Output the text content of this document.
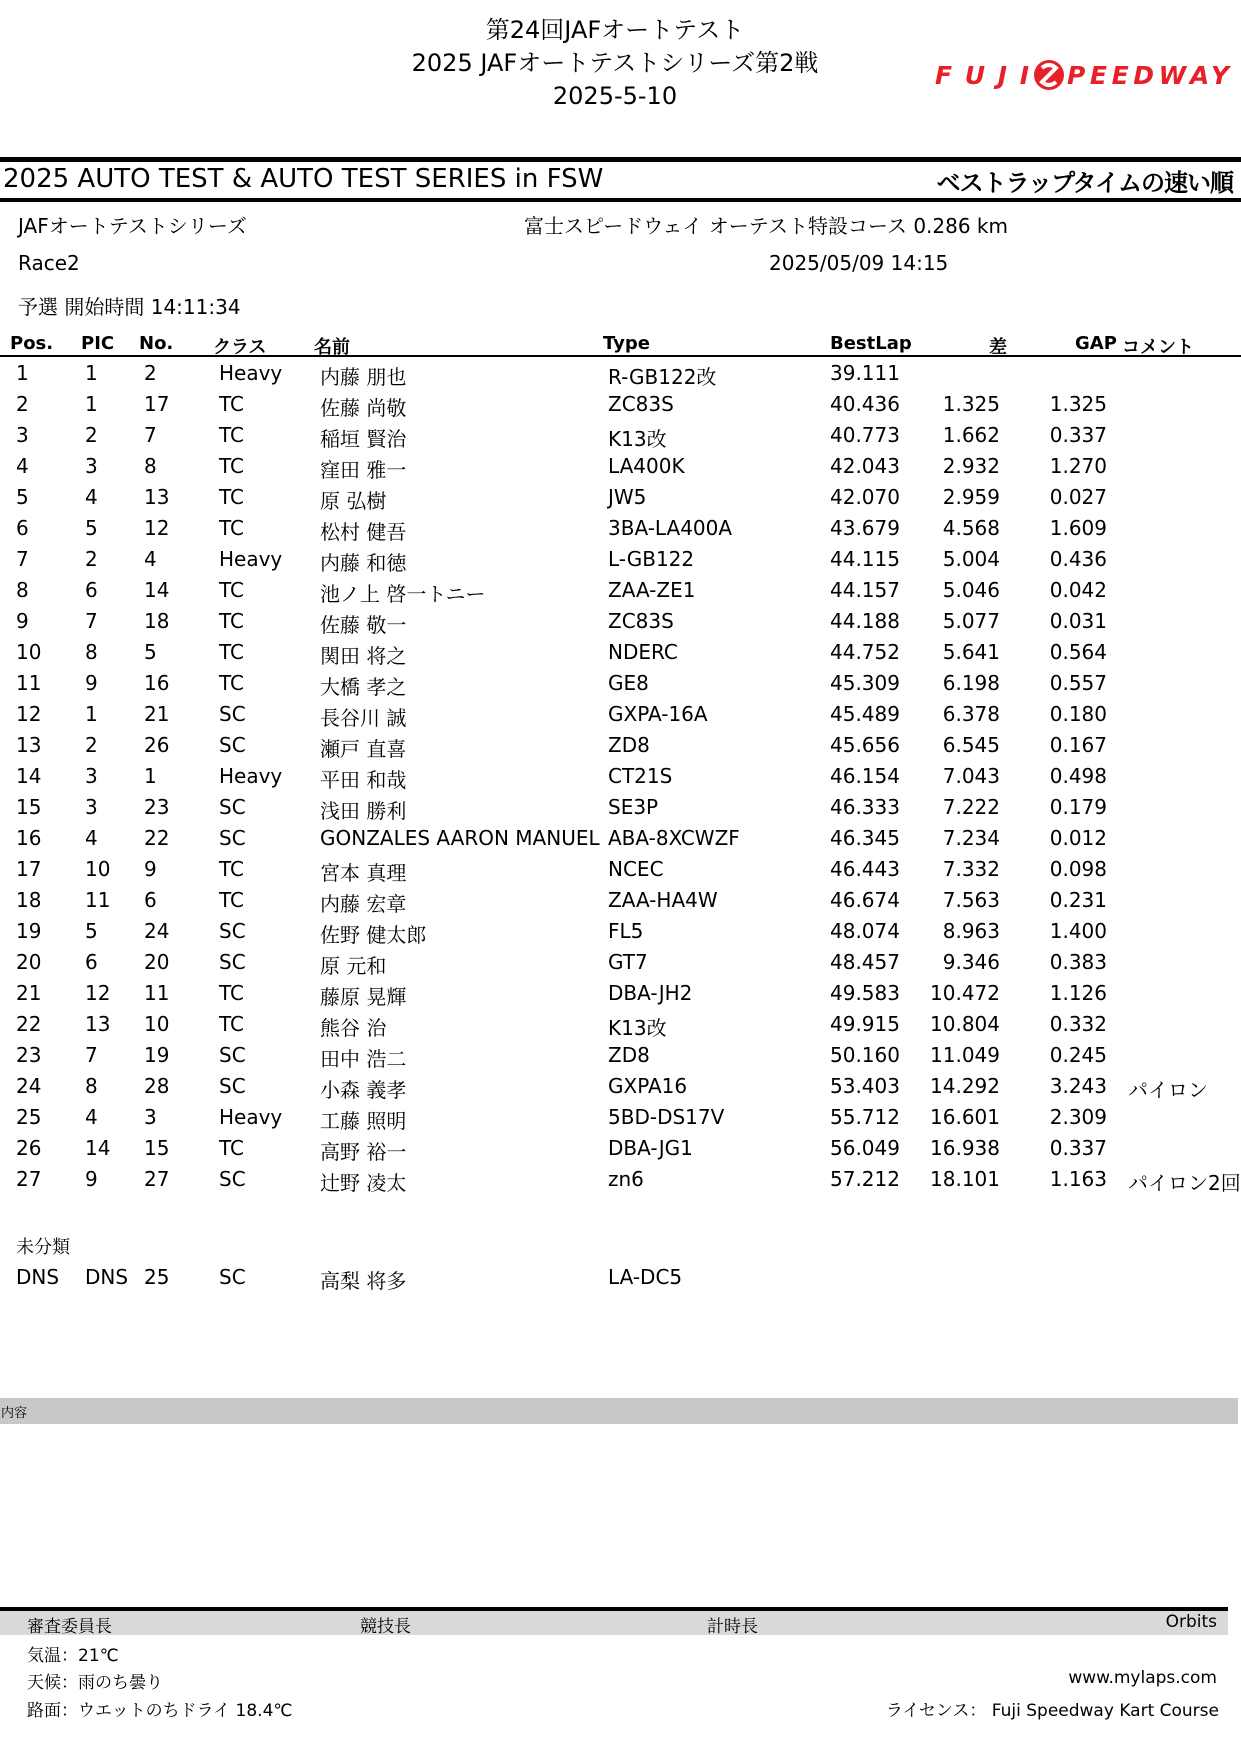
第24回JAFオートテスト
2025 JAFオートテストシリーズ第2戦
2025-5-10
FUJI PEEDWAY
2025 AUTO TEST & AUTO TEST SERIES in FSW	ベストラップタイムの速い順
JAFオートテストシリーズ	富士スピードウェイ オーテスト特設コース 0.286 km
Race2	2025/05/09 14:15
予選 開始時間 14:11:34
Pos. PIC No. クラス	名前	Type	BestLap	差	GAP コメント
1	1 2	Heavy 内藤 朋也	R-GB122改	39.111
2	1 17 TC	佐藤 尚敬	ZC83S	40.436 1.325 1.325
3	2 7	TC	稲垣 賢治	K13改	40.773 1.662 0.337
4	3 8	TC	窪田 雅一	LA400K	42.043 2.932 1.270
5	4 13 TC	原 弘樹	JW5	42.070 2.959 0.027
6	5 12 TC	松村 健吾	3BA-LA400A	43.679 4.568 1.609
7	2 4	Heavy 内藤 和徳	L-GB122	44.115 5.004 0.436
8	6 14 TC	池ノ上 啓一トニー	ZAA-ZE1	44.157 5.046 0.042
9	7 18 TC	佐藤 敬一	ZC83S	44.188 5.077 0.031
10 8 5	TC	関田 将之	NDERC	44.752 5.641 0.564
11 9 16 TC	大橋 孝之	GE8	45.309 6.198 0.557
12 1 21 SC	長谷川 誠	GXPA-16A	45.489 6.378 0.180
13 2 26 SC	瀬戸 直喜	ZD8	45.656 6.545 0.167
14 3 1	Heavy 平田 和哉	CT21S	46.154 7.043 0.498
15 3 23 SC	浅田 勝利	SE3P	46.333 7.222 0.179
16 4 22 SC	GONZALES AARON MANUEL ABA-8XCWZF	46.345 7.234 0.012
17 10 9	TC	宮本 真理	NCEC	46.443 7.332 0.098
18 11 6	TC	内藤 宏章	ZAA-HA4W	46.674 7.563 0.231
19 5 24 SC	佐野 健太郎	FL5	48.074 8.963 1.400
20 6 20 SC	原 元和	GT7	48.457 9.346 0.383
21 12 11 TC	藤原 晃輝	DBA-JH2	49.583 10.472 1.126
22 13 10 TC	熊谷 治	K13改	49.915 10.804 0.332
23 7 19 SC	田中 浩二	ZD8	50.160 11.049 0.245
24 8 28 SC	小森 義孝	GXPA16	53.403 14.292 3.243 パイロン
25 4 3	Heavy 工藤 照明	5BD-DS17V	55.712 16.601 2.309
26 14 15 TC	高野 裕一	DBA-JG1	56.049 16.938 0.337
27 9 27 SC	辻野 凌太	zn6	57.212 18.101 1.163 パイロン2回
未分類
DNS DNS 25 SC	高梨 将多	LA-DC5
内容
審査委員長	競技長	計時長	Orbits
気温：21℃
天候：雨のち曇り
路面：ウエットのちドライ 18.4℃
www.mylaps.com
ライセンス： Fuji Speedway Kart Course
